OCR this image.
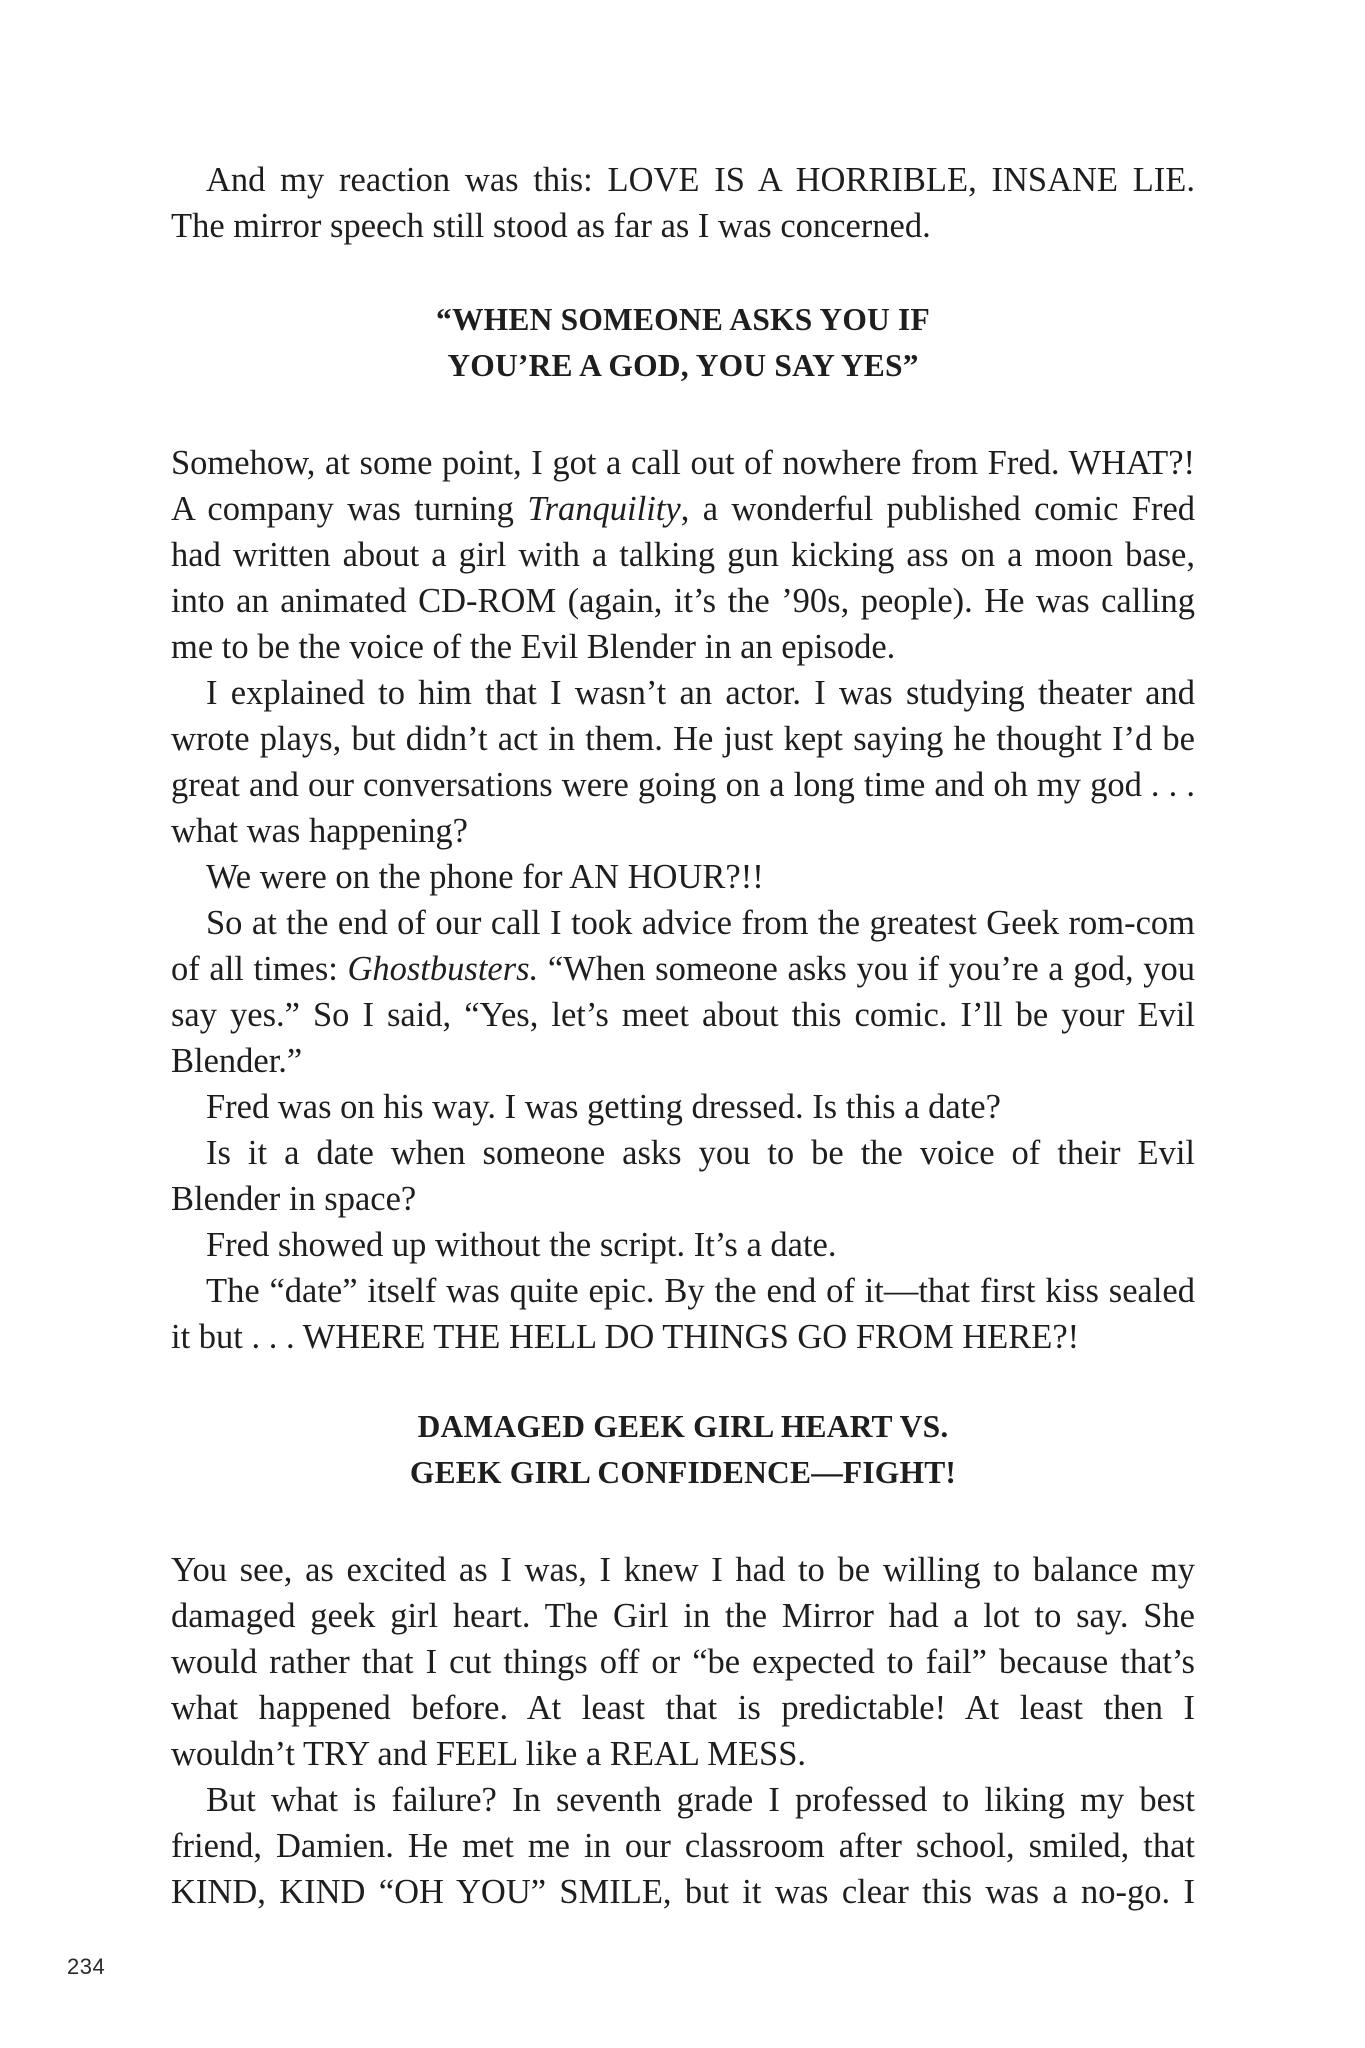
And my reaction was this: LOVE IS A HORRIBLE, INSANE LIE. The mirror speech still stood as far as I was concerned.

“WHEN SOMEONE ASKS YOU IF
YOU’RE A GOD, YOU SAY YES”

Somehow, at some point, I got a call out of nowhere from Fred. WHAT?! A company was turning Tranquility, a wonderful published comic Fred had written about a girl with a talking gun kicking ass on a moon base, into an animated CD-ROM (again, it’s the ’90s, people). He was calling me to be the voice of the Evil Blender in an episode.

I explained to him that I wasn’t an actor. I was studying theater and wrote plays, but didn’t act in them. He just kept saying he thought I’d be great and our conversations were going on a long time and oh my god . . . what was happening?

We were on the phone for AN HOUR?!!

So at the end of our call I took advice from the greatest Geek rom-com of all times: Ghostbusters. “When someone asks you if you’re a god, you say yes.” So I said, “Yes, let’s meet about this comic. I’ll be your Evil Blender.”

Fred was on his way. I was getting dressed. Is this a date?

Is it a date when someone asks you to be the voice of their Evil Blender in space?

Fred showed up without the script. It’s a date.

The “date” itself was quite epic. By the end of it—that first kiss sealed it but . . . WHERE THE HELL DO THINGS GO FROM HERE?!

DAMAGED GEEK GIRL HEART VS.
GEEK GIRL CONFIDENCE—FIGHT!

You see, as excited as I was, I knew I had to be willing to balance my damaged geek girl heart. The Girl in the Mirror had a lot to say. She would rather that I cut things off or “be expected to fail” because that’s what happened before. At least that is predictable! At least then I wouldn’t TRY and FEEL like a REAL MESS.

But what is failure? In seventh grade I professed to liking my best friend, Damien. He met me in our classroom after school, smiled, that KIND, KIND “OH YOU” SMILE, but it was clear this was a no-go. I

234
